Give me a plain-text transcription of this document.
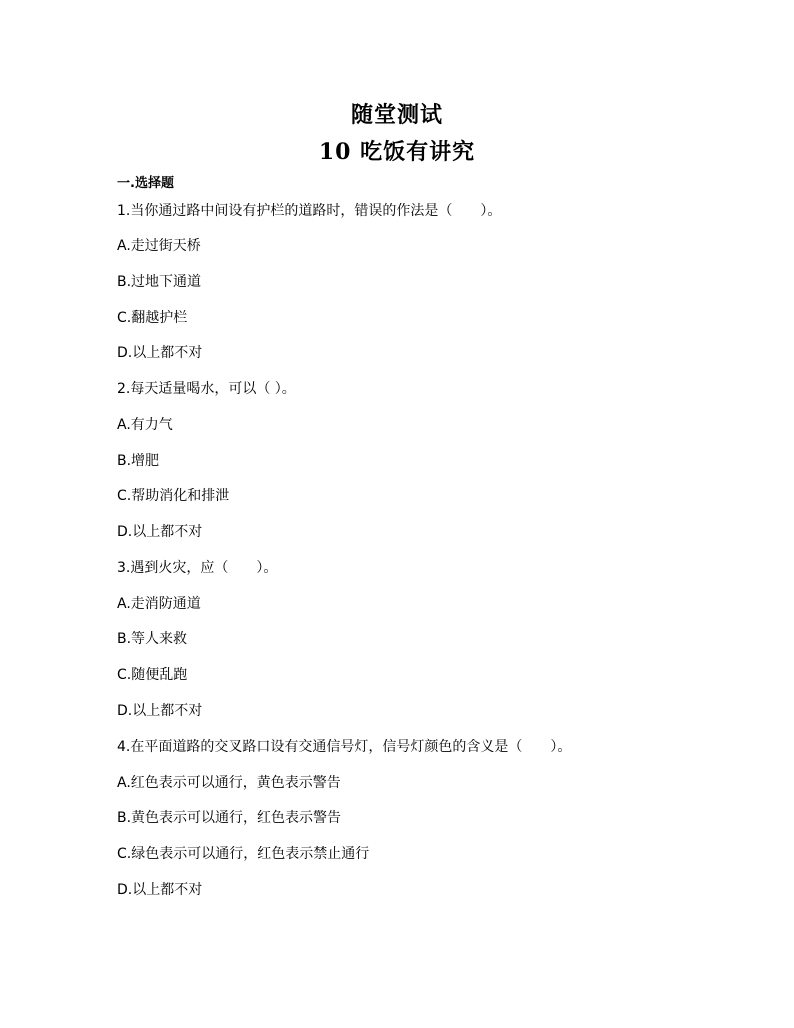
随堂测试
10 吃饭有讲究
一.选择题
1.当你通过路中间设有护栏的道路时，错误的作法是（　　）。
A.走过街天桥
B.过地下通道
C.翻越护栏
D.以上都不对
2.每天适量喝水，可以（ ）。
A.有力气
B.增肥
C.帮助消化和排泄
D.以上都不对
3.遇到火灾，应（　　）。
A.走消防通道
B.等人来救
C.随便乱跑
D.以上都不对
4.在平面道路的交叉路口设有交通信号灯，信号灯颜色的含义是（　　）。
A.红色表示可以通行，黄色表示警告
B.黄色表示可以通行，红色表示警告
C.绿色表示可以通行，红色表示禁止通行
D.以上都不对
